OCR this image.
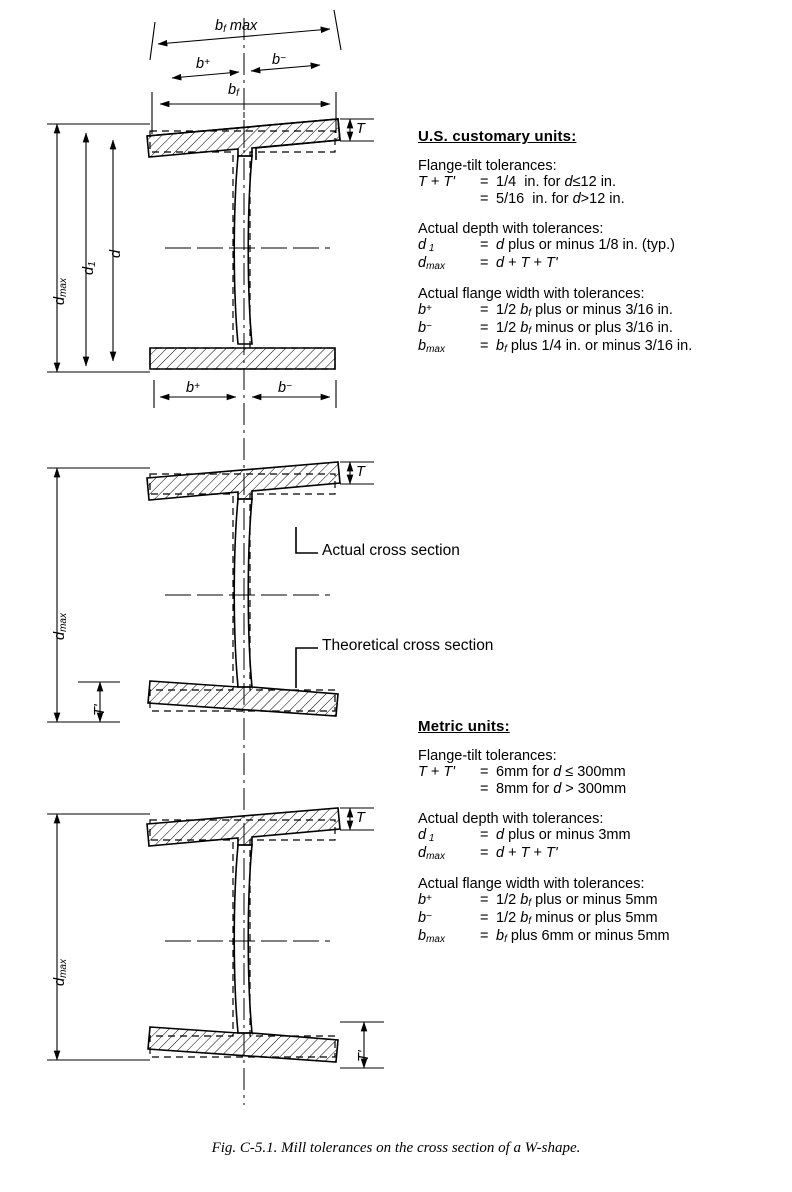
bf max
b+	b−
bf
T
dmax
d1
d
b+	b−
T
T'
dmax
Actual cross section
Theoretical cross section
T
T'
dmax
U.S. customary units:
Flange-tilt tolerances:
T + T'	=	1/4  in. for d≤12 in.
	=	5/16  in. for d>12 in.
Actual depth with tolerances:
d 1	=	d plus or minus 1/8 in. (typ.)
dmax	=	d + T + T'
Actual flange width with tolerances:
b+	=	1/2 bf plus or minus 3/16 in.
b−	=	1/2 bf minus or plus 3/16 in.
bmax	=	bf plus 1/4 in. or minus 3/16 in.
Metric units:
Flange-tilt tolerances:
T + T'	=	6mm for d ≤ 300mm
	=	8mm for d > 300mm
Actual depth with tolerances:
d 1	=	d plus or minus 3mm
dmax	=	d + T + T'
Actual flange width with tolerances:
b+	=	1/2 bf plus or minus 5mm
b−	=	1/2 bf minus or plus 5mm
bmax	=	bf plus 6mm or minus 5mm
Fig. C-5.1. Mill tolerances on the cross section of a W-shape.
